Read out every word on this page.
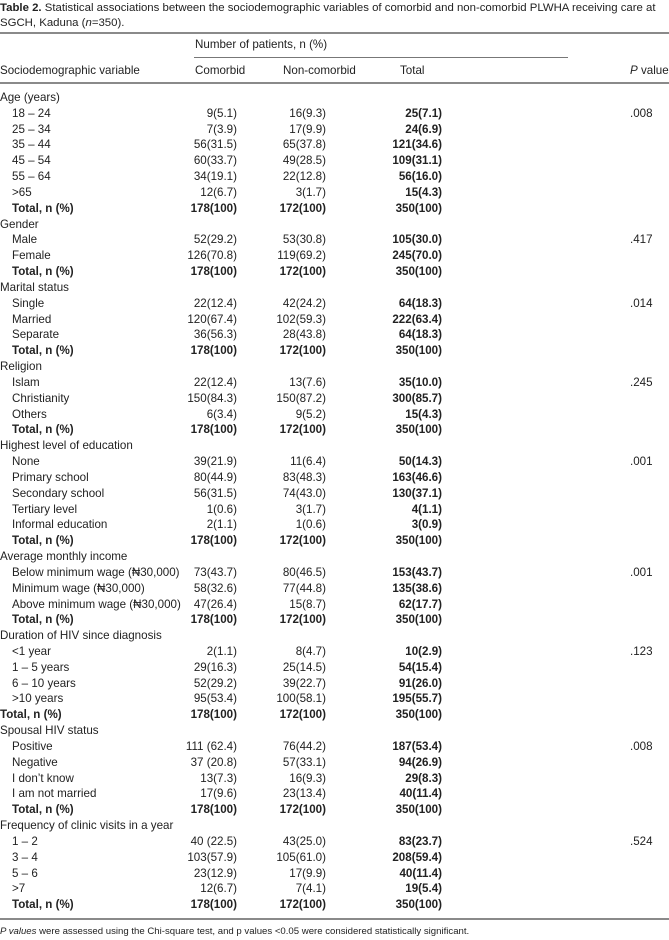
Table 2. Statistical associations between the sociodemographic variables of comorbid and non-comorbid PLWHA receiving care at SGCH, Kaduna (n=350).
Number of patients, n (%)
Sociodemographic variable	Comorbid	Non-comorbid	Total	P value
Age (years)
18 – 24	9(5.1)	16(9.3)	25(7.1)	.008
25 – 34	7(3.9)	17(9.9)	24(6.9)
35 – 44	56(31.5)	65(37.8)	121(34.6)
45 – 54	60(33.7)	49(28.5)	109(31.1)
55 – 64	34(19.1)	22(12.8)	56(16.0)
>65	12(6.7)	3(1.7)	15(4.3)
Total, n (%)	178(100)	172(100)	350(100)
Gender
Male	52(29.2)	53(30.8)	105(30.0)	.417
Female	126(70.8)	119(69.2)	245(70.0)
Total, n (%)	178(100)	172(100)	350(100)
Marital status
Single	22(12.4)	42(24.2)	64(18.3)	.014
Married	120(67.4)	102(59.3)	222(63.4)
Separate	36(56.3)	28(43.8)	64(18.3)
Total, n (%)	178(100)	172(100)	350(100)
Religion
Islam	22(12.4)	13(7.6)	35(10.0)	.245
Christianity	150(84.3)	150(87.2)	300(85.7)
Others	6(3.4)	9(5.2)	15(4.3)
Total, n (%)	178(100)	172(100)	350(100)
Highest level of education
None	39(21.9)	11(6.4)	50(14.3)	.001
Primary school	80(44.9)	83(48.3)	163(46.6)
Secondary school	56(31.5)	74(43.0)	130(37.1)
Tertiary level	1(0.6)	3(1.7)	4(1.1)
Informal education	2(1.1)	1(0.6)	3(0.9)
Total, n (%)	178(100)	172(100)	350(100)
Average monthly income
Below minimum wage (₦30,000) 73(43.7)	80(46.5)	153(43.7)	.001
Minimum wage (₦30,000)	58(32.6)	77(44.8)	135(38.6)
Above minimum wage (₦30,000) 47(26.4)	15(8.7)	62(17.7)
Total, n (%)	178(100)	172(100)	350(100)
Duration of HIV since diagnosis
<1 year	2(1.1)	8(4.7)	10(2.9)	.123
1 – 5 years	29(16.3)	25(14.5)	54(15.4)
6 – 10 years	52(29.2)	39(22.7)	91(26.0)
>10 years	95(53.4)	100(58.1)	195(55.7)
Total, n (%)	178(100)	172(100)	350(100)
Spousal HIV status
Positive	111 (62.4)	76(44.2)	187(53.4)	.008
Negative	37 (20.8)	57(33.1)	94(26.9)
I don’t know	13(7.3)	16(9.3)	29(8.3)
I am not married	17(9.6)	23(13.4)	40(11.4)
Total, n (%)	178(100)	172(100)	350(100)
Frequency of clinic visits in a year
1 – 2	40 (22.5)	43(25.0)	83(23.7)	.524
3 – 4	103(57.9)	105(61.0)	208(59.4)
5 – 6	23(12.9)	17(9.9)	40(11.4)
>7	12(6.7)	7(4.1)	19(5.4)
Total, n (%)	178(100)	172(100)	350(100)
P values were assessed using the Chi-square test, and p values <0.05 were considered statistically significant.
